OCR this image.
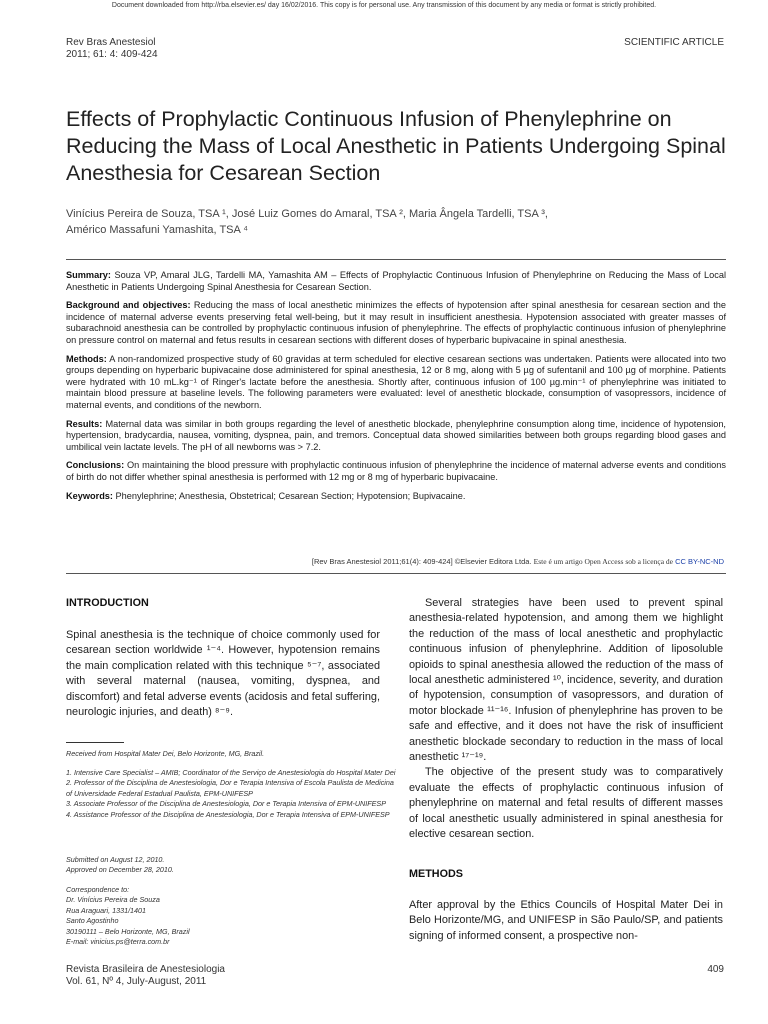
Document downloaded from http://rba.elsevier.es/ day 16/02/2016. This copy is for personal use. Any transmission of this document by any media or format is strictly prohibited.
Rev Bras Anestesiol
2011; 61: 4: 409-424
SCIENTIFIC ARTICLE
Effects of Prophylactic Continuous Infusion of Phenylephrine on Reducing the Mass of Local Anesthetic in Patients Undergoing Spinal Anesthesia for Cesarean Section
Vinícius Pereira de Souza, TSA ¹, José Luiz Gomes do Amaral, TSA ², Maria Ângela Tardelli, TSA ³,
Américo Massafuni Yamashita, TSA ⁴

Summary: Souza VP, Amaral JLG, Tardelli MA, Yamashita AM – Effects of Prophylactic Continuous Infusion of Phenylephrine on Reducing the Mass of Local Anesthetic in Patients Undergoing Spinal Anesthesia for Cesarean Section.

Background and objectives: Reducing the mass of local anesthetic minimizes the effects of hypotension after spinal anesthesia for cesarean section and the incidence of maternal adverse events preserving fetal well-being, but it may result in insufficient anesthesia. Hypotension associated with greater masses of subarachnoid anesthesia can be controlled by prophylactic continuous infusion of phenylephrine. The effects of prophylactic continuous infusion of phenylephrine on pressure control on maternal and fetus results in cesarean sections with different doses of hyperbaric bupivacaine in spinal anesthesia.

Methods: A non-randomized prospective study of 60 gravidas at term scheduled for elective cesarean sections was undertaken. Patients were allocated into two groups depending on hyperbaric bupivacaine dose administered for spinal anesthesia, 12 or 8 mg, along with 5 µg of sufentanil and 100 µg of morphine. Patients were hydrated with 10 mL.kg⁻¹ of Ringer's lactate before the anesthesia. Shortly after, continuous infusion of 100 µg.min⁻¹ of phenylephrine was initiated to maintain blood pressure at baseline levels. The following parameters were evaluated: level of anesthetic blockade, consumption of vasopressors, incidence of maternal events, and conditions of the newborn.

Results: Maternal data was similar in both groups regarding the level of anesthetic blockade, phenylephrine consumption along time, incidence of hypotension, hypertension, bradycardia, nausea, vomiting, dyspnea, pain, and tremors. Conceptual data showed similarities between both groups regarding blood gases and umbilical vein lactate levels. The pH of all newborns was > 7.2.

Conclusions: On maintaining the blood pressure with prophylactic continuous infusion of phenylephrine the incidence of maternal adverse events and conditions of birth do not differ whether spinal anesthesia is performed with 12 mg or 8 mg of hyperbaric bupivacaine.

Keywords: Phenylephrine; Anesthesia, Obstetrical; Cesarean Section; Hypotension; Bupivacaine.

[Rev Bras Anestesiol 2011;61(4): 409-424] ©Elsevier Editora Ltda. Este é um artigo Open Access sob a licença de CC BY-NC-ND
INTRODUCTION

Spinal anesthesia is the technique of choice commonly used for cesarean section worldwide ¹⁻⁴. However, hypotension remains the main complication related with this technique ⁵⁻⁷, associated with several maternal (nausea, vomiting, dyspnea, and discomfort) and fetal adverse events (acidosis and fetal suffering, neurologic injuries, and death) ⁸⁻⁹.

Received from Hospital Mater Dei, Belo Horizonte, MG, Brazil.

1. Intensive Care Specialist – AMIB; Coordinator of the Serviço de Anestesiologia do Hospital Mater Dei

2. Professor of the Disciplina de Anestesiologia, Dor e Terapia Intensiva of Escola Paulista de Medicina of Universidade Federal Estadual Paulista, EPM-UNIFESP

3. Associate Professor of the Disciplina de Anestesiologia, Dor e Terapia Intensiva of EPM-UNIFESP

4. Assistance Professor of the Disciplina de Anestesiologia, Dor e Terapia Intensiva of EPM-UNIFESP

Submitted on August 12, 2010.

Approved on December 28, 2010.

Correspondence to:

Dr. Vinícius Pereira de Souza

Rua Araguari, 1331/1401

Santo Agostinho

30190111 – Belo Horizonte, MG, Brazil

E-mail: vinicius.ps@terra.com.br

Several strategies have been used to prevent spinal anesthesia-related hypotension, and among them we highlight the reduction of the mass of local anesthetic and prophylactic continuous infusion of phenylephrine. Addition of liposoluble opioids to spinal anesthesia allowed the reduction of the mass of local anesthetic administered ¹⁰, incidence, severity, and duration of hypotension, consumption of vasopressors, and duration of motor blockade ¹¹⁻¹⁶. Infusion of phenylephrine has proven to be safe and effective, and it does not have the risk of insufficient anesthetic blockade secondary to reduction in the mass of local anesthetic ¹⁷⁻¹⁹.

The objective of the present study was to comparatively evaluate the effects of prophylactic continuous infusion of phenylephrine on maternal and fetal results of different masses of local anesthetic usually administered in spinal anesthesia for elective cesarean section.

METHODS

After approval by the Ethics Councils of Hospital Mater Dei in Belo Horizonte/MG, and UNIFESP in São Paulo/SP, and patients signing of informed consent, a prospective non-

Revista Brasileira de Anestesiologia
Vol. 61, Nº 4, July-August, 2011
409
